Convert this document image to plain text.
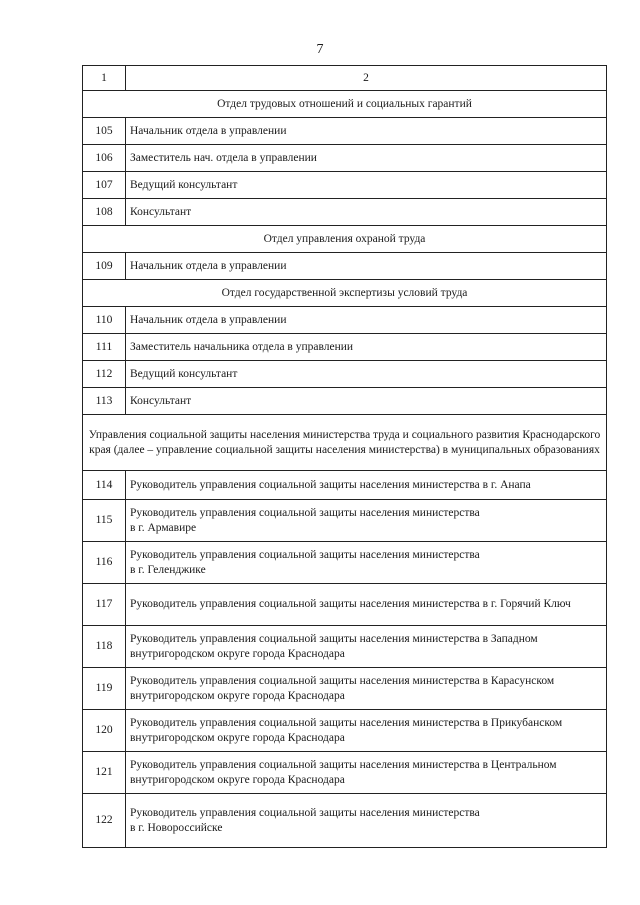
7
1	2
Отдел трудовых отношений и социальных гарантий	
105	Начальник отдела в управлении
106	Заместитель нач. отдела в управлении
107	Ведущий консультант
108	Консультант
Отдел управления охраной труда	
109	Начальник отдела в управлении
Отдел государственной экспертизы условий труда	
110	Начальник отдела в управлении
111	Заместитель начальника отдела в управлении
112	Ведущий консультант
113	Консультант
Управления социальной защиты населения министерства труда и социального развития Краснодарского края (далее – управление социальной защиты населения министерства) в муниципальных образованиях	
114	Руководитель управления социальной защиты населения министерства в г. Анапа
115	Руководитель управления социальной защиты населения министерства
в г. Армавире
116	Руководитель управления социальной защиты населения министерства
в г. Геленджике
117	Руководитель управления социальной защиты населения министерства в г. Горячий Ключ
118	Руководитель управления социальной защиты населения министерства в Западном внутригородском округе города Краснодара
119	Руководитель управления социальной защиты населения министерства в Карасунском внутригородском округе города Краснодара
120	Руководитель управления социальной защиты населения министерства в Прикубанском внутригородском округе города Краснодара
121	Руководитель управления социальной защиты населения министерства в Центральном внутригородском округе города Краснодара
122	Руководитель управления социальной защиты населения министерства
в г. Новороссийске
